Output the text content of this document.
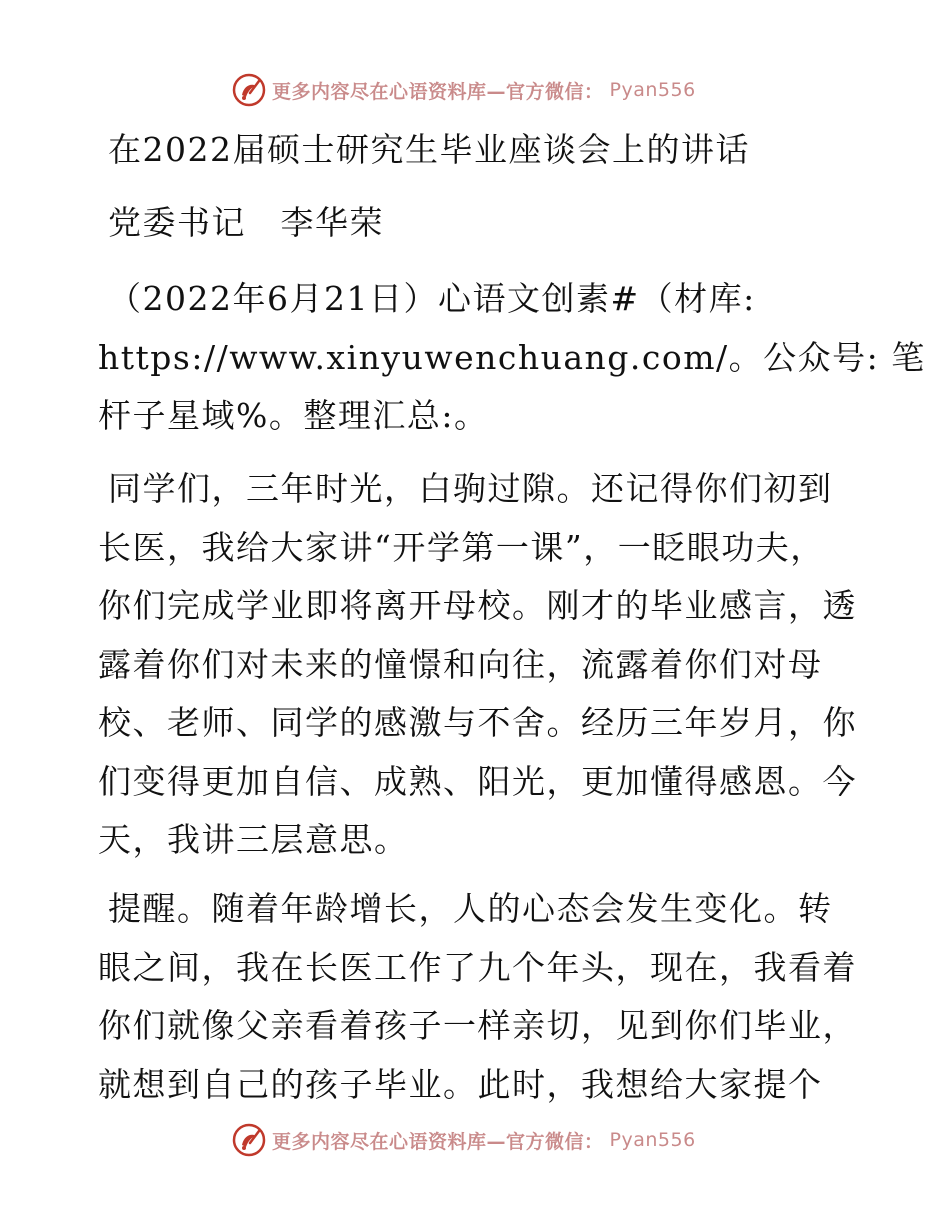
更多内容尽在心语资料库—官方微信： Pyan556
在2022届硕士研究生毕业座谈会上的讲话
党委书记　李华荣
（2022年6月21日）心语文创素#（材库:
https://www.xinyuwenchuang.com/。公众号: 笔
杆子星域%。整理汇总:。
同学们，三年时光，白驹过隙。还记得你们初到
长医，我给大家讲“开学第一课”，一眨眼功夫，
你们完成学业即将离开母校。刚才的毕业感言，透
露着你们对未来的憧憬和向往，流露着你们对母
校、老师、同学的感激与不舍。经历三年岁月，你
们变得更加自信、成熟、阳光，更加懂得感恩。今
天，我讲三层意思。
提醒。随着年龄增长，人的心态会发生变化。转
眼之间，我在长医工作了九个年头，现在，我看着
你们就像父亲看着孩子一样亲切，见到你们毕业，
就想到自己的孩子毕业。此时，我想给大家提个
更多内容尽在心语资料库—官方微信： Pyan556
